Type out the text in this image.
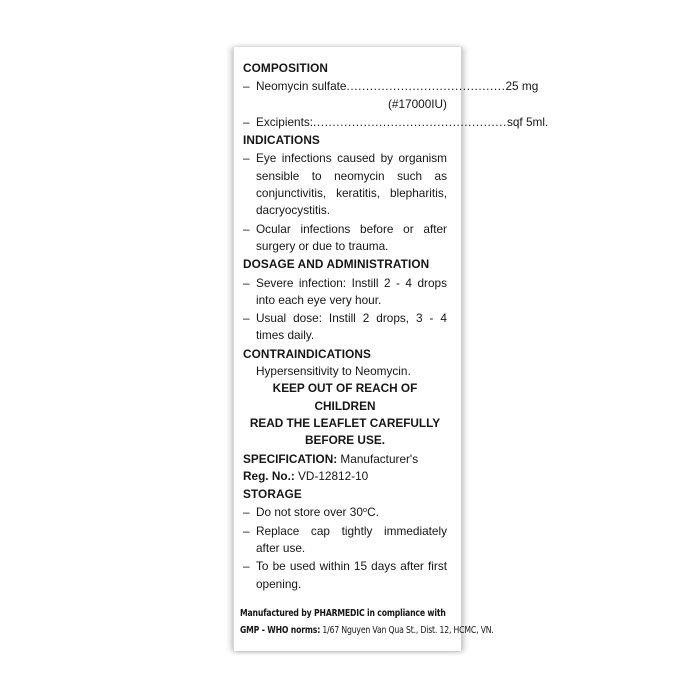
COMPOSITION
– Neomycin sulfate ......................................... 25 mg
(#17000IU)
– Excipients: .................................................. sqf 5ml.
INDICATIONS
– Eye infections caused by organism sensible to neomycin such as conjunctivitis, keratitis, blepharitis, dacryocystitis.
– Ocular infections before or after surgery or due to trauma.
DOSAGE AND ADMINISTRATION
– Severe infection: Instill 2 - 4 drops into each eye very hour.
– Usual dose: Instill 2 drops, 3 - 4 times daily.
CONTRAINDICATIONS
Hypersensitivity to Neomycin.
KEEP OUT OF REACH OF
CHILDREN
READ THE LEAFLET CAREFULLY
BEFORE USE.
SPECIFICATION: Manufacturer's
Reg. No.: VD-12812-10
STORAGE
– Do not store over 30$^o$C.
– Replace cap tightly immediately after use.
– To be used within 15 days after first opening.
Manufactured by PHARMEDIC in compliance with
GMP - WHO norms: 1/67 Nguyen Van Qua St., Dist. 12, HCMC, VN.
